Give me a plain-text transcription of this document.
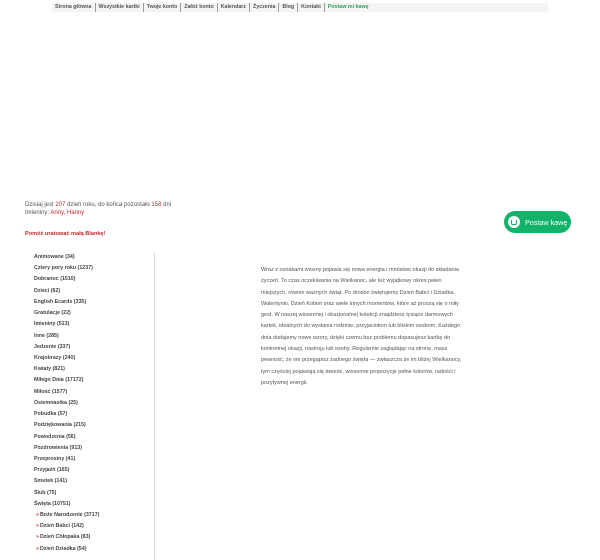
Strona główna	Wszystkie kartki	Twoje konto	Załóż konto	Kalendarz	Życzenia	Blog	Kontakt	Postaw mi kawę
Dzisiaj jest 207 dzień roku, do końca pozostało 158 dni
Imieniny: Anny, Hanny
Pomóż uratować małą Blankę!
Postaw kawę
Animowane (34)
Cztery pory roku (1237)
Dobranoc (1510)
Dzieci (62)
English Ecards (335)
Gratulacje (22)
Imieniny (513)
Inne (285)
Jedzenie (337)
Krajobrazy (240)
Kwiaty (821)
Miłego Dnia (17172)
Miłość (1577)
Osiemnastka (25)
Pobudka (57)
Podziękowania (215)
Powodzenia (56)
Pozdrowienia (913)
Przeprosiny (41)
Przyjaźń (165)
Smutek (141)
Ślub (75)
Święta (10751)
»Boże Narodzenie (3717)
»Dzień Babci (142)
»Dzień Chłopaka (83)
»Dzień Dziadka (54)
Wraz z oznakami wiosny pojawia się nowa energia i mnóstwo okazji do składania życzeń. To czas oczekiwania na Wielkanoc, ale też wyjątkowy okres pełen miejszych, równie ważnych świąt. Po drodze świętujemy Dzień Babci i Dziadka, Walentynki, Dzień Kobiet oraz wiele innych momentów, które aż proszą się o miły gest. W naszej wiosennej i okazjonalnej kolekcji znajdziesz tysiące darmowych kartek, idealnych do wysłania rodzinie, przyjaciołom lub bliskim osobom. Każdego dnia dodajemy nowe wzory, dzięki czemu bez problemu dopasujesz kartkę do konkretnej okazji, nastroju lub osoby. Regularnie zaglądając na stronę, masz pewność, że nie przegapisz żadnego święta — zwłaszcza że im bliżej Wielkanocy, tym częściej pojawiają się świeże, wiosenne propozycje pełne kolorów, radości i pozytywnej energii.
